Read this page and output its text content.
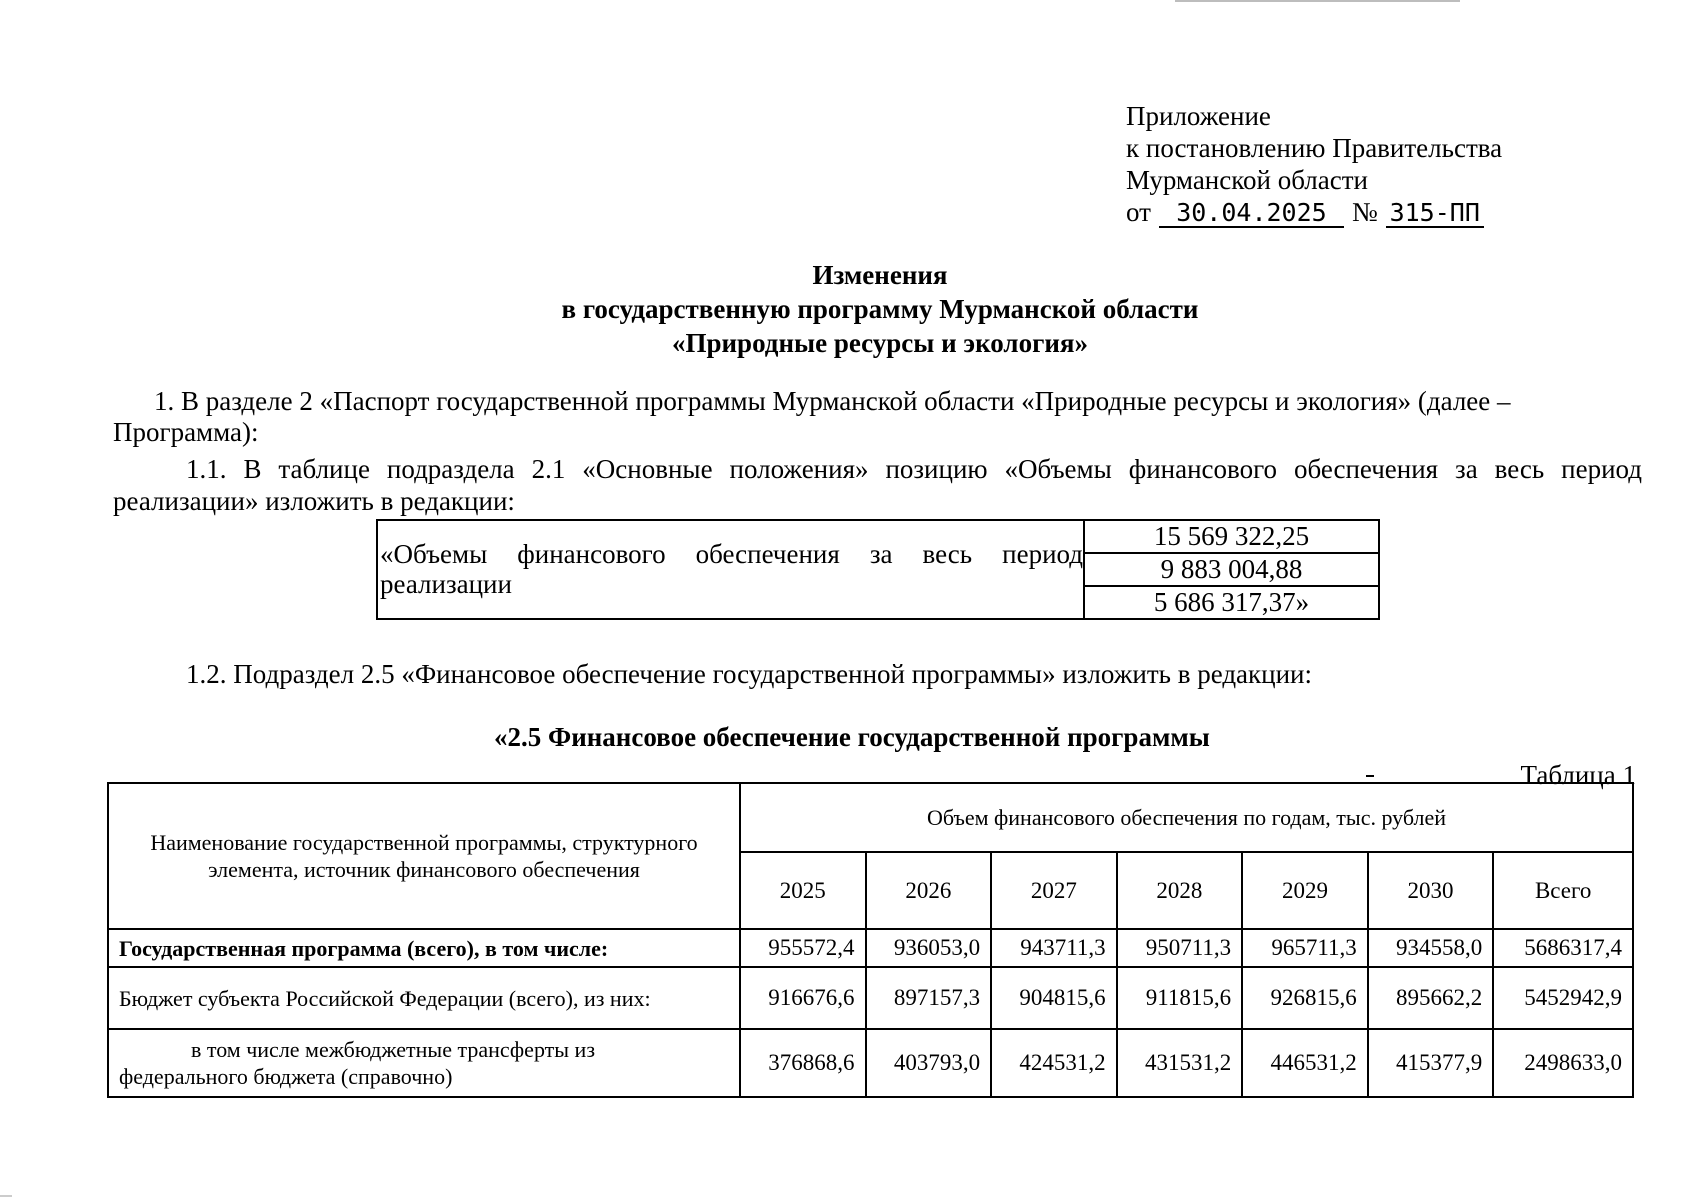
Приложение
к постановлению Правительства
Мурманской области
от 30.04.2025 № 315-ПП
Изменения
в государственную программу Мурманской области
«Природные ресурсы и экология»
1. В разделе 2 «Паспорт государственной программы Мурманской области «Природные ресурсы и экология» (далее –
Программа):
1.1. В таблице подраздела 2.1 «Основные положения» позицию «Объемы финансового обеспечения за весь период
реализации» изложить в редакции:
«Объемы финансового обеспечения за весь период
реализации	15 569 322,25
9 883 004,88
5 686 317,37»
1.2. Подраздел 2.5 «Финансовое обеспечение государственной программы» изложить в редакции:
«2.5 Финансовое обеспечение государственной программы
Таблица 1
Наименование государственной программы, структурного элемента, источник финансового обеспечения	Объем финансового обеспечения по годам, тыс. рублей						
	2025	2026	2027	2028	2029	2030	Всего
Государственная программа (всего), в том числе:	955572,4	936053,0	943711,3	950711,3	965711,3	934558,0	5686317,4
Бюджет субъекта Российской Федерации (всего), из них:	916676,6	897157,3	904815,6	911815,6	926815,6	895662,2	5452942,9
в том числе межбюджетные трансферты из федерального бюджета (справочно)	376868,6	403793,0	424531,2	431531,2	446531,2	415377,9	2498633,0
